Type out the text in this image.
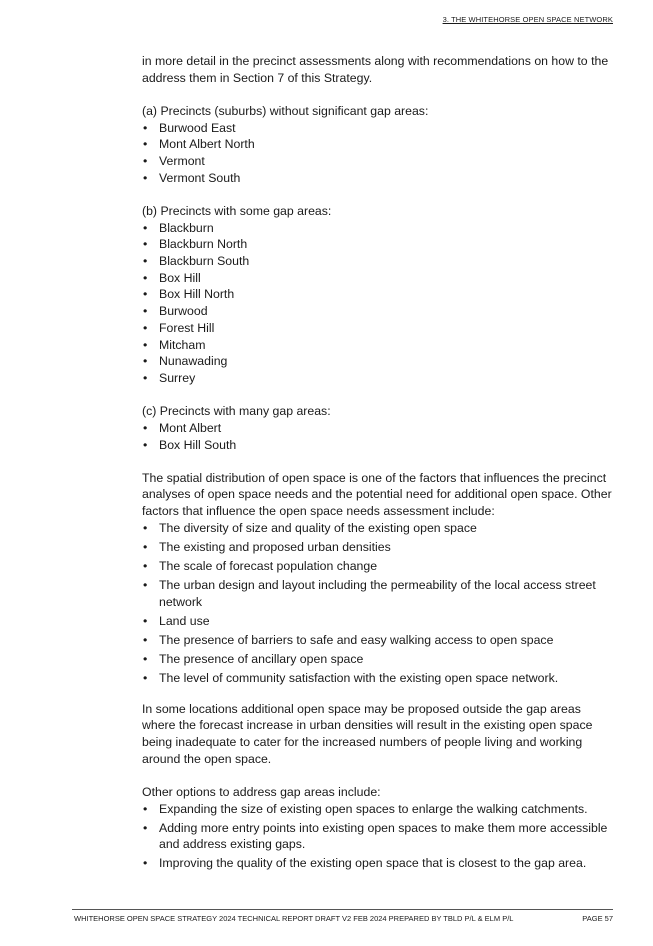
3. THE WHITEHORSE OPEN SPACE NETWORK

in more detail in the precinct assessments along with recommendations on how to the address them in Section 7 of this Strategy.

(a) Precincts (suburbs) without significant gap areas:

• Burwood East
• Mont Albert North
• Vermont
• Vermont South

(b) Precincts with some gap areas:

• Blackburn
• Blackburn North
• Blackburn South
• Box Hill
• Box Hill North
• Burwood
• Forest Hill
• Mitcham
• Nunawading
• Surrey

(c) Precincts with many gap areas:

• Mont Albert
• Box Hill South

The spatial distribution of open space is one of the factors that influences the precinct analyses of open space needs and the potential need for additional open space. Other factors that influence the open space needs assessment include:

• The diversity of size and quality of the existing open space
• The existing and proposed urban densities
• The scale of forecast population change
• The urban design and layout including the permeability of the local access street network
• Land use
• The presence of barriers to safe and easy walking access to open space
• The presence of ancillary open space
• The level of community satisfaction with the existing open space network.

In some locations additional open space may be proposed outside the gap areas where the forecast increase in urban densities will result in the existing open space being inadequate to cater for the increased numbers of people living and working around the open space.

Other options to address gap areas include:

• Expanding the size of existing open spaces to enlarge the walking catchments.
• Adding more entry points into existing open spaces to make them more accessible and address existing gaps.
• Improving the quality of the existing open space that is closest to the gap area.
WHITEHORSE OPEN SPACE STRATEGY 2024 TECHNICAL REPORT DRAFT V2 FEB 2024 PREPARED BY TBLD P/L & ELM P/L	PAGE 57
